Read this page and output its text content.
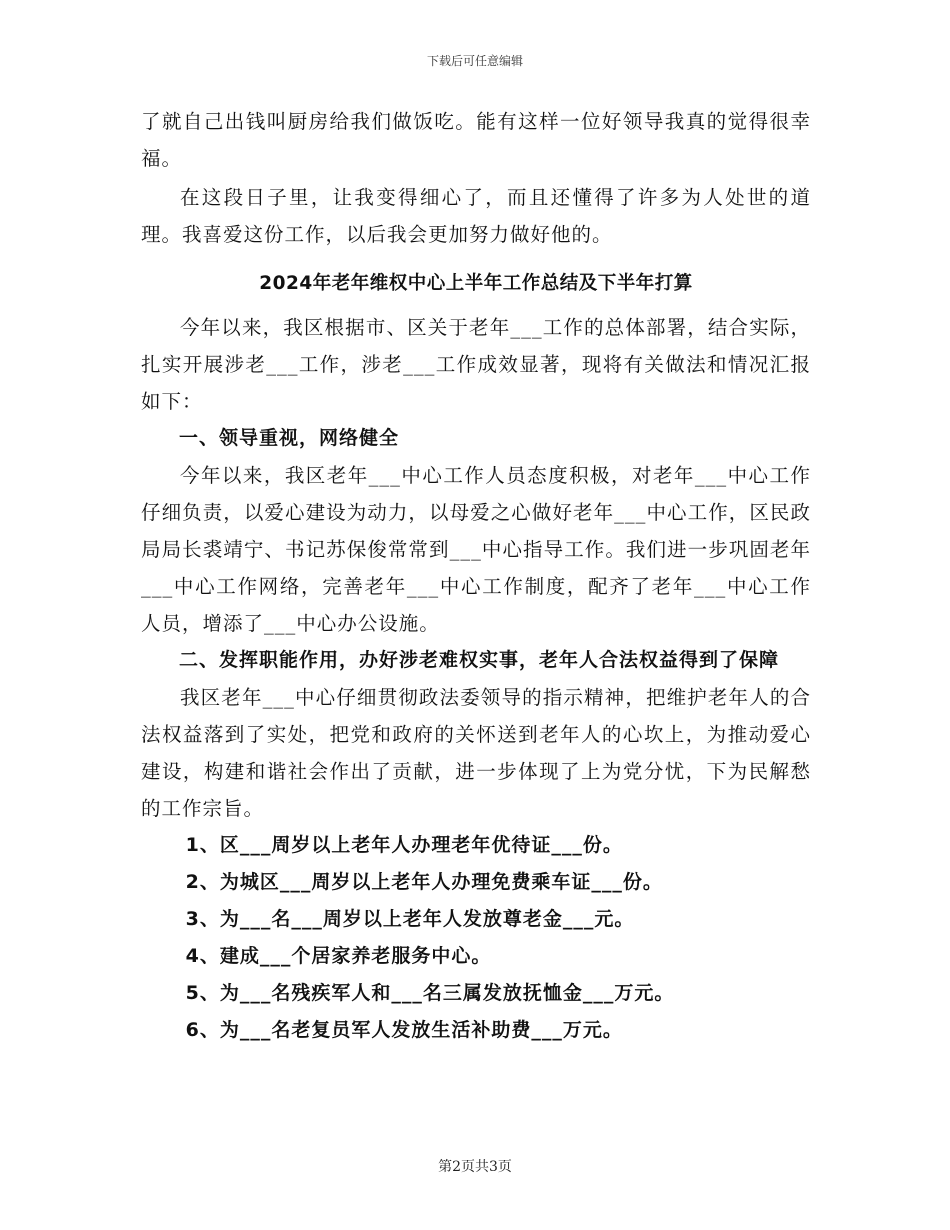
下载后可任意编辑

了就自己出钱叫厨房给我们做饭吃。能有这样一位好领导我真的觉得很幸福。

在这段日子里，让我变得细心了，而且还懂得了许多为人处世的道理。我喜爱这份工作，以后我会更加努力做好他的。

2024年老年维权中心上半年工作总结及下半年打算

今年以来，我区根据市、区关于老年___工作的总体部署，结合实际，扎实开展涉老___工作，涉老___工作成效显著，现将有关做法和情况汇报如下：

一、领导重视，网络健全

今年以来，我区老年___中心工作人员态度积极，对老年___中心工作仔细负责，以爱心建设为动力，以母爱之心做好老年___中心工作，区民政局局长裘靖宁、书记苏保俊常常到___中心指导工作。我们进一步巩固老年___中心工作网络，完善老年___中心工作制度，配齐了老年___中心工作人员，增添了___中心办公设施。

二、发挥职能作用，办好涉老难权实事，老年人合法权益得到了保障

我区老年___中心仔细贯彻政法委领导的指示精神，把维护老年人的合法权益落到了实处，把党和政府的关怀送到老年人的心坎上，为推动爱心建设，构建和谐社会作出了贡献，进一步体现了上为党分忧，下为民解愁的工作宗旨。

1、区___周岁以上老年人办理老年优待证___份。
2、为城区___周岁以上老年人办理免费乘车证___份。
3、为___名___周岁以上老年人发放尊老金___元。
4、建成___个居家养老服务中心。
5、为___名残疾军人和___名三属发放抚恤金___万元。
6、为___名老复员军人发放生活补助费___万元。
第2页共3页
